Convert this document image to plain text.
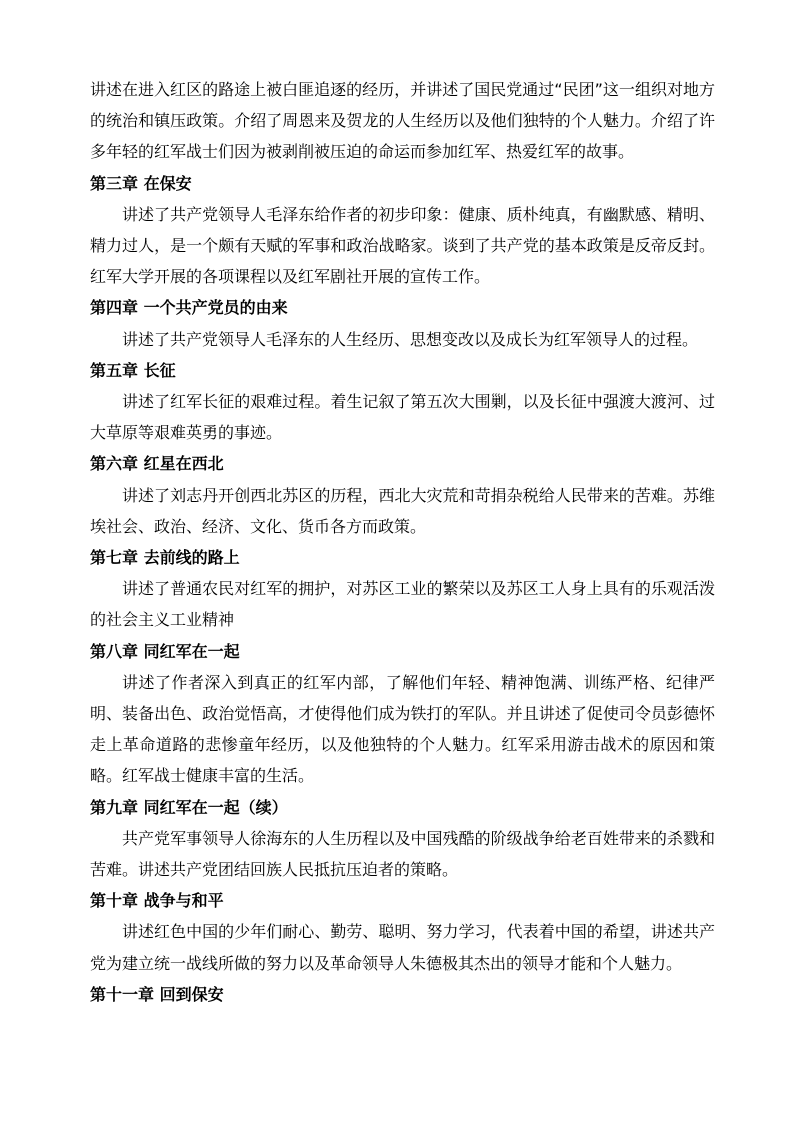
讲述在进入红区的路途上被白匪追逐的经历，并讲述了国民党通过“民团”这一组织对地方的统治和镇压政策。介绍了周恩来及贺龙的人生经历以及他们独特的个人魅力。介绍了许多年轻的红军战士们因为被剥削被压迫的命运而参加红军、热爱红军的故事。

第三章 在保安

讲述了共产党领导人毛泽东给作者的初步印象：健康、质朴纯真，有幽默感、精明、精力过人，是一个颇有天赋的军事和政治战略家。谈到了共产党的基本政策是反帝反封。红军大学开展的各项课程以及红军剧社开展的宣传工作。

第四章 一个共产党员的由来

讲述了共产党领导人毛泽东的人生经历、思想变改以及成长为红军领导人的过程。

第五章 长征

讲述了红军长征的艰难过程。着生记叙了第五次大围剿，以及长征中强渡大渡河、过大草原等艰难英勇的事迹。

第六章 红星在西北

讲述了刘志丹开创西北苏区的历程，西北大灾荒和苛捐杂税给人民带来的苦难。苏维埃社会、政治、经济、文化、货币各方而政策。

第七章 去前线的路上

讲述了普通农民对红军的拥护，对苏区工业的繁荣以及苏区工人身上具有的乐观活泼的社会主义工业精神

第八章 同红军在一起

讲述了作者深入到真正的红军内部，了解他们年轻、精神饱满、训练严格、纪律严明、装备出色、政治觉悟高，才使得他们成为铁打的军队。并且讲述了促使司令员彭德怀走上革命道路的悲惨童年经历，以及他独特的个人魅力。红军采用游击战术的原因和策略。红军战士健康丰富的生活。

第九章 同红军在一起（续）

共产党军事领导人徐海东的人生历程以及中国残酷的阶级战争给老百姓带来的杀戮和苦难。讲述共产党团结回族人民抵抗压迫者的策略。

第十章 战争与和平

讲述红色中国的少年们耐心、勤劳、聪明、努力学习，代表着中国的希望，讲述共产党为建立统一战线所做的努力以及革命领导人朱德极其杰出的领导才能和个人魅力。

第十一章 回到保安
